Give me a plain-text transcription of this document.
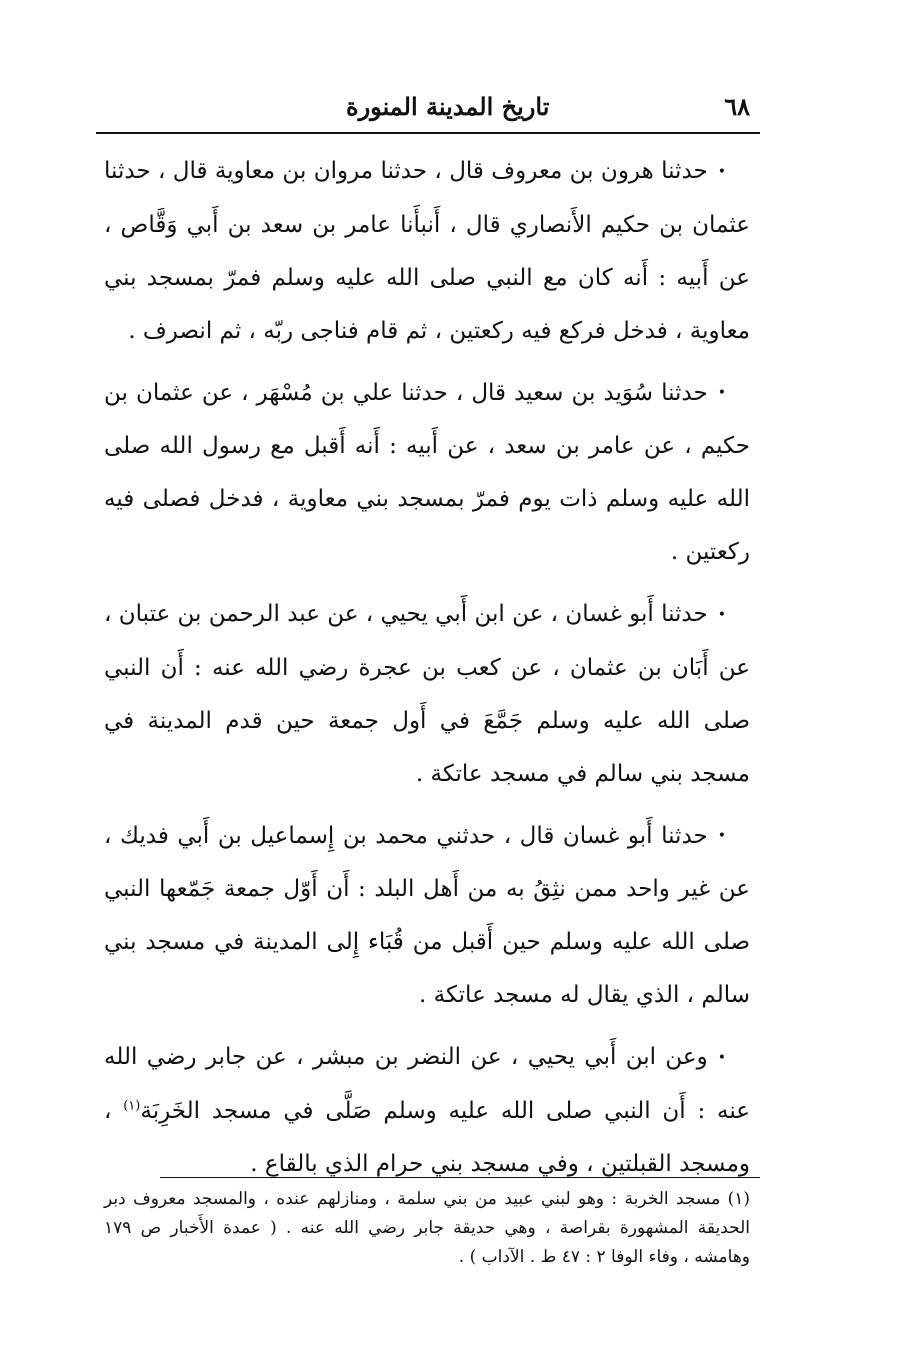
٦٨
تاريخ المدينة المنورة

•حدثنا هرون بن معروف قال ، حدثنا مروان بن معاوية قال ، حدثنا عثمان بن حكيم الأَنصاري قال ، أَنبأَنا عامر بن سعد بن أَبي وَقَّاص ، عن أَبيه : أَنه كان مع النبي صلى الله عليه وسلم فمرّ بمسجد بني معاوية ، فدخل فركع فيه ركعتين ، ثم قام فناجى ربّه ، ثم انصرف .

•حدثنا سُوَيد بن سعيد قال ، حدثنا علي بن مُسْهَر ، عن عثمان بن حكيم ، عن عامر بن سعد ، عن أَبيه : أَنه أَقبل مع رسول الله صلى الله عليه وسلم ذات يوم فمرّ بمسجد بني معاوية ، فدخل فصلى فيه ركعتين .

•حدثنا أَبو غسان ، عن ابن أَبي يحيي ، عن عبد الرحمن بن عتبان ، عن أَبَان بن عثمان ، عن كعب بن عجرة رضي الله عنه : أَن النبي صلى الله عليه وسلم جَمَّعَ في أَول جمعة حين قدم المدينة في مسجد بني سالم في مسجد عاتكة .

•حدثنا أَبو غسان قال ، حدثني محمد بن إِسماعيل بن أَبي فديك ، عن غير واحد ممن نثِقُ به من أَهل البلد : أَن أَوّل جمعة جَمّعها النبي صلى الله عليه وسلم حين أَقبل من قُبَاء إِلى المدينة في مسجد بني سالم ، الذي يقال له مسجد عاتكة .

•وعن ابن أَبي يحيي ، عن النضر بن مبشر ، عن جابر رضي الله عنه : أَن النبي صلى الله عليه وسلم صَلَّى في مسجد الخَرِبَة$^{(١)}$ ، ومسجد القبلتين ، وفي مسجد بني حرام الذي بالقاع .

(١) مسجد الخربة : وهو لبني عبيد من بني سلمة ، ومنازلهم عنده ، والمسجد معروف دبر الحديقة المشهورة بقراصة ، وهي حديقة جابر رضي الله عنه . ( عمدة الأَخبار ص ١٧٩ وهامشه ، وفاء الوفا ٢ : ٤٧ ط . الآداب ) .
